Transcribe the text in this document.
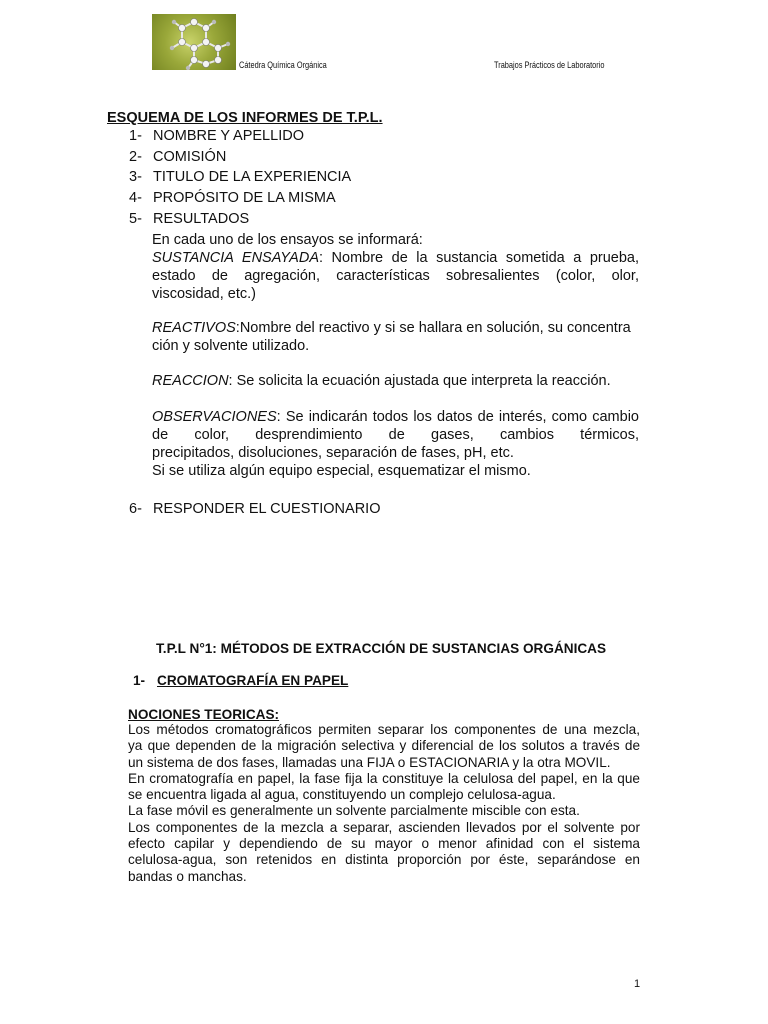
Cátedra Química Orgánica	Trabajos Prácticos de Laboratorio
ESQUEMA DE LOS INFORMES DE T.P.L.
1- NOMBRE Y APELLIDO
2- COMISIÓN
3- TITULO DE LA EXPERIENCIA
4- PROPÓSITO DE LA MISMA
5- RESULTADOS
En cada uno de los ensayos se informará:
SUSTANCIA ENSAYADA: Nombre de la sustancia sometida a prueba,
estado de agregación, características sobresalientes (color, olor,
viscosidad, etc.)
REACTIVOS:Nombre del reactivo y si se hallara en solución, su concentra
ción y solvente utilizado.
REACCION: Se solicita la ecuación ajustada que interpreta la reacción.
OBSERVACIONES: Se indicarán todos los datos de interés, como cambio
de color, desprendimiento de gases, cambios térmicos,
precipitados, disoluciones, separación de fases, pH, etc.
Si se utiliza algún equipo especial, esquematizar el mismo.
6- RESPONDER EL CUESTIONARIO
T.P.L N°1: MÉTODOS DE EXTRACCIÓN DE SUSTANCIAS ORGÁNICAS
1- CROMATOGRAFÍA EN PAPEL
NOCIONES TEORICAS:
Los métodos cromatográficos permiten separar los componentes de una mezcla,
ya que dependen de la migración selectiva y diferencial de los solutos a través de
un sistema de dos fases, llamadas una FIJA o ESTACIONARIA y la otra MOVIL.
En cromatografía en papel, la fase fija la constituye la celulosa del papel, en la que
se encuentra ligada al agua, constituyendo un complejo celulosa-agua.
La fase móvil es generalmente un solvente parcialmente miscible con esta.
Los componentes de la mezcla a separar, ascienden llevados por el solvente por
efecto capilar y dependiendo de su mayor o menor afinidad con el sistema
celulosa-agua, son retenidos en distinta proporción por éste, separándose en
bandas o manchas.
1
